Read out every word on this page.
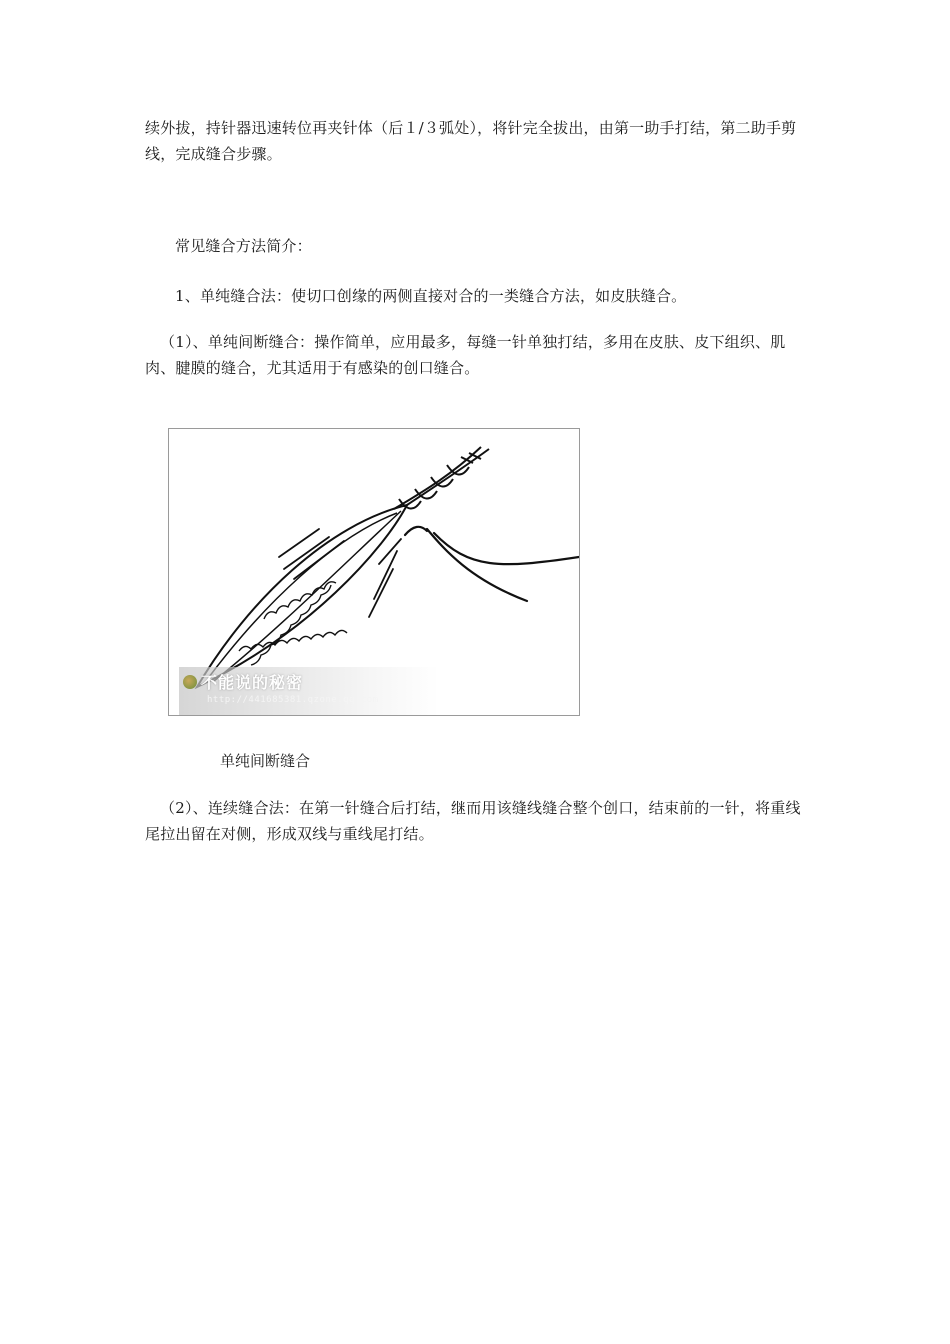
续外拔，持针器迅速转位再夹针体（后１/３弧处），将针完全拔出，由第一助手打结，第二助手剪线，完成缝合步骤。

常见缝合方法简介：

1、单纯缝合法：使切口创缘的两侧直接对合的一类缝合方法，如皮肤缝合。

（1）、单纯间断缝合：操作简单，应用最多，每缝一针单独打结，多用在皮肤、皮下组织、肌肉、腱膜的缝合，尤其适用于有感染的创口缝合。

不能说的秘密
http://441685381.qzone.qq.com
单纯间断缝合

（2）、连续缝合法：在第一针缝合后打结，继而用该缝线缝合整个创口，结束前的一针，将重线尾拉出留在对侧，形成双线与重线尾打结。
